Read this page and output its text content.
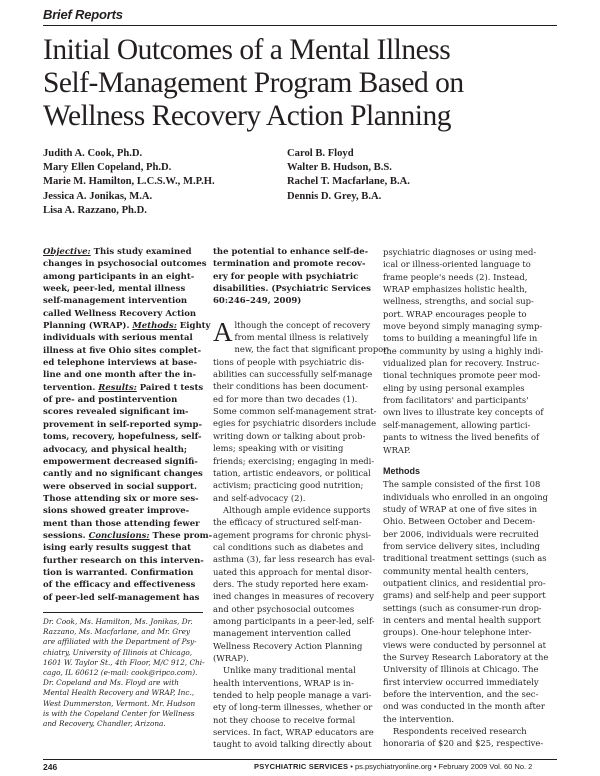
Brief Reports
Initial Outcomes of a Mental Illness
Self-Management Program Based on
Wellness Recovery Action Planning
Judith A. Cook, Ph.D.
Mary Ellen Copeland, Ph.D.
Marie M. Hamilton, L.C.S.W., M.P.H.
Jessica A. Jonikas, M.A.
Lisa A. Razzano, Ph.D.
Carol B. Floyd
Walter B. Hudson, B.S.
Rachel T. Macfarlane, B.A.
Dennis D. Grey, B.A.
Objective: This study examined
changes in psychosocial outcomes
among participants in an eight-
week, peer-led, mental illness
self-management intervention
called Wellness Recovery Action
Planning (WRAP). Methods: Eighty
individuals with serious mental
illness at five Ohio sites complet-
ed telephone interviews at base-
line and one month after the in-
tervention. Results: Paired t tests
of pre- and postintervention
scores revealed significant im-
provement in self-reported symp-
toms, recovery, hopefulness, self-
advocacy, and physical health;
empowerment decreased signifi-
cantly and no significant changes
were observed in social support.
Those attending six or more ses-
sions showed greater improve-
ment than those attending fewer
sessions. Conclusions: These prom-
ising early results suggest that
further research on this interven-
tion is warranted. Confirmation
of the efficacy and effectiveness
of peer-led self-management has
Dr. Cook, Ms. Hamilton, Ms. Jonikas, Dr.
Razzano, Ms. Macfarlane, and Mr. Grey
are affiliated with the Department of Psy-
chiatry, University of Illinois at Chicago,
1601 W. Taylor St., 4th Floor, M/C 912, Chi-
cago, IL 60612 (e-mail: cook@ripco.com).
Dr. Copeland and Ms. Floyd are with
Mental Health Recovery and WRAP, Inc.,
West Dummerston, Vermont. Mr. Hudson
is with the Copeland Center for Wellness
and Recovery, Chandler, Arizona.
the potential to enhance self-de-
termination and promote recov-
ery for people with psychiatric
disabilities. (Psychiatric Services
60:246–249, 2009)
A lthough the concept of recovery
from mental illness is relatively
new, the fact that significant propor-
tions of people with psychiatric dis-
abilities can successfully self-manage
their conditions has been document-
ed for more than two decades (1).
Some common self-management strat-
egies for psychiatric disorders include
writing down or talking about prob-
lems; speaking with or visiting
friends; exercising; engaging in medi-
tation, artistic endeavors, or political
activism; practicing good nutrition;
and self-advocacy (2).
Although ample evidence supports
the efficacy of structured self-man-
agement programs for chronic physi-
cal conditions such as diabetes and
asthma (3), far less research has eval-
uated this approach for mental disor-
ders. The study reported here exam-
ined changes in measures of recovery
and other psychosocial outcomes
among participants in a peer-led, self-
management intervention called
Wellness Recovery Action Planning
(WRAP).
Unlike many traditional mental
health interventions, WRAP is in-
tended to help people manage a vari-
ety of long-term illnesses, whether or
not they choose to receive formal
services. In fact, WRAP educators are
taught to avoid talking directly about
psychiatric diagnoses or using med-
ical or illness-oriented language to
frame people's needs (2). Instead,
WRAP emphasizes holistic health,
wellness, strengths, and social sup-
port. WRAP encourages people to
move beyond simply managing symp-
toms to building a meaningful life in
the community by using a highly indi-
vidualized plan for recovery. Instruc-
tional techniques promote peer mod-
eling by using personal examples
from facilitators' and participants'
own lives to illustrate key concepts of
self-management, allowing partici-
pants to witness the lived benefits of
WRAP.
Methods
The sample consisted of the first 108
individuals who enrolled in an ongoing
study of WRAP at one of five sites in
Ohio. Between October and Decem-
ber 2006, individuals were recruited
from service delivery sites, including
traditional treatment settings (such as
community mental health centers,
outpatient clinics, and residential pro-
grams) and self-help and peer support
settings (such as consumer-run drop-
in centers and mental health support
groups). One-hour telephone inter-
views were conducted by personnel at
the Survey Research Laboratory at the
University of Illinois at Chicago. The
first interview occurred immediately
before the intervention, and the sec-
ond was conducted in the month after
the intervention.
Respondents received research
honoraria of $20 and $25, respective-
246	PSYCHIATRIC SERVICES • ps.psychiatryonline.org • February 2009 Vol. 60 No. 2
